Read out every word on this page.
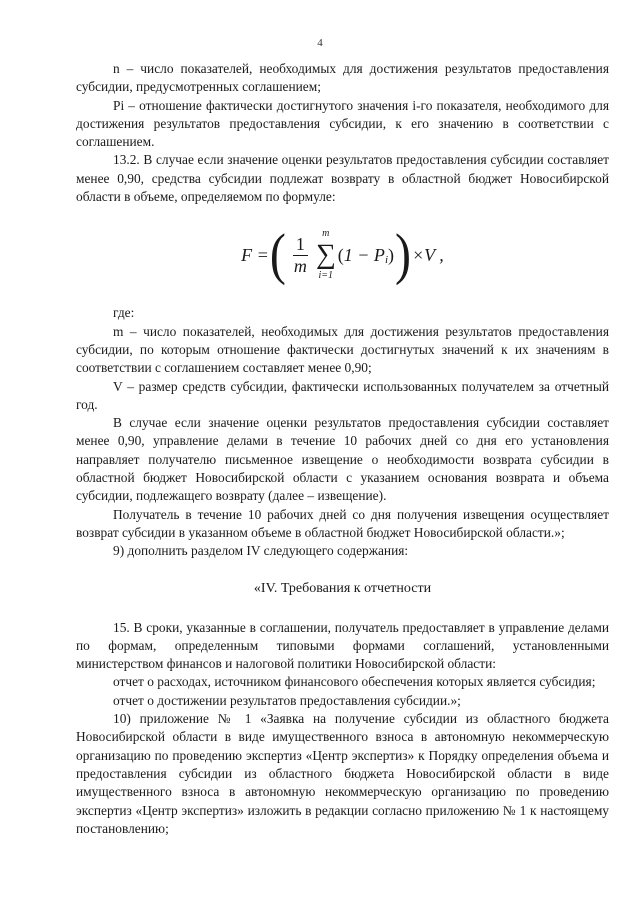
4

n – число показателей, необходимых для достижения результатов предоставления субсидии, предусмотренных соглашением;

Pi – отношение фактически достигнутого значения i-го показателя, необходимого для достижения результатов предоставления субсидии, к его значению в соответствии с соглашением.

13.2. В случае если значение оценки результатов предоставления субсидии составляет менее 0,90, средства субсидии подлежат возврату в областной бюджет Новосибирской области в объеме, определяемом по формуле:

F = ( $\frac{1}{m}$ m
∑
i=1
( 1 − P i ) ) ×V ,

где:

m – число показателей, необходимых для достижения результатов предоставления субсидии, по которым отношение фактически достигнутых значений к их значениям в соответствии с соглашением составляет менее 0,90;

V – размер средств субсидии, фактически использованных получателем за отчетный год.

В случае если значение оценки результатов предоставления субсидии составляет менее 0,90, управление делами в течение 10 рабочих дней со дня его установления направляет получателю письменное извещение о необходимости возврата субсидии в областной бюджет Новосибирской области с указанием основания возврата и объема субсидии, подлежащего возврату (далее – извещение).

Получатель в течение 10 рабочих дней со дня получения извещения осуществляет возврат субсидии в указанном объеме в областной бюджет Новосибирской области.»;

9) дополнить разделом IV следующего содержания:

«IV. Требования к отчетности

15. В сроки, указанные в соглашении, получатель предоставляет в управление делами по формам, определенным типовыми формами соглашений, установленными министерством финансов и налоговой политики Новосибирской области:

отчет о расходах, источником финансового обеспечения которых является субсидия;

отчет о достижении результатов предоставления субсидии.»;

10) приложение № 1 «Заявка на получение субсидии из областного бюджета Новосибирской области в виде имущественного взноса в автономную некоммерческую организацию по проведению экспертиз «Центр экспертиз» к Порядку определения объема и предоставления субсидии из областного бюджета Новосибирской области в виде имущественного взноса в автономную некоммерческую организацию по проведению экспертиз «Центр экспертиз» изложить в редакции согласно приложению № 1 к настоящему постановлению;
